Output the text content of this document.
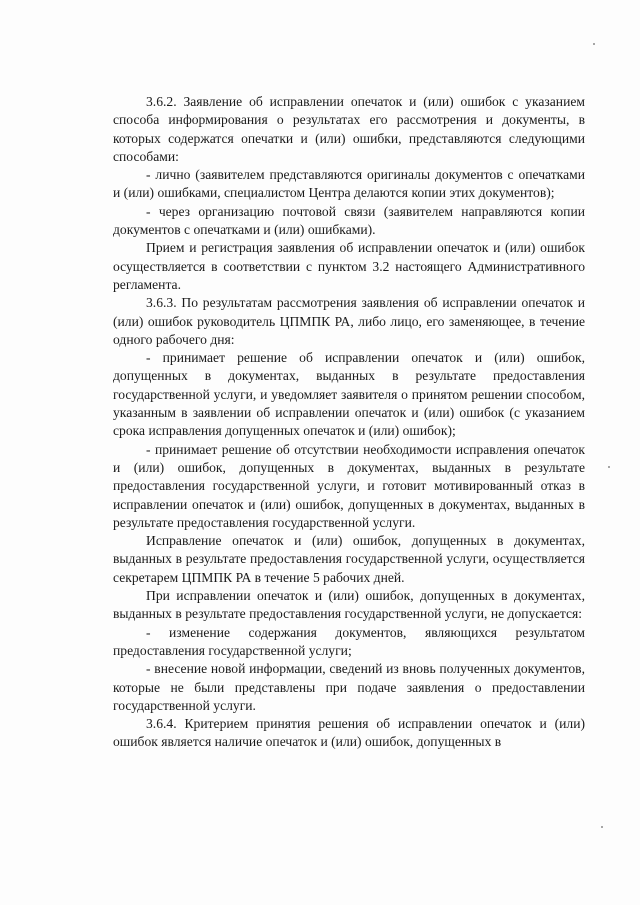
3.6.2. Заявление об исправлении опечаток и (или) ошибок с указанием способа информирования о результатах его рассмотрения и документы, в которых содержатся опечатки и (или) ошибки, представляются следующими способами:

- лично (заявителем представляются оригиналы документов с опечатками и (или) ошибками, специалистом Центра делаются копии этих документов);

- через организацию почтовой связи (заявителем направляются копии документов с опечатками и (или) ошибками).

Прием и регистрация заявления об исправлении опечаток и (или) ошибок осуществляется в соответствии с пунктом 3.2 настоящего Административного регламента.

3.6.3. По результатам рассмотрения заявления об исправлении опечаток и (или) ошибок руководитель ЦПМПК РА, либо лицо, его заменяющее, в течение одного рабочего дня:

- принимает решение об исправлении опечаток и (или) ошибок, допущенных в документах, выданных в результате предоставления государственной услуги, и уведомляет заявителя о принятом решении способом, указанным в заявлении об исправлении опечаток и (или) ошибок (с указанием срока исправления допущенных опечаток и (или) ошибок);

- принимает решение об отсутствии необходимости исправления опечаток и (или) ошибок, допущенных в документах, выданных в результате предоставления государственной услуги, и готовит мотивированный отказ в исправлении опечаток и (или) ошибок, допущенных в документах, выданных в результате предоставления государственной услуги.

Исправление опечаток и (или) ошибок, допущенных в документах, выданных в результате предоставления государственной услуги, осуществляется секретарем ЦПМПК РА в течение 5 рабочих дней.

При исправлении опечаток и (или) ошибок, допущенных в документах, выданных в результате предоставления государственной услуги, не допускается:

- изменение содержания документов, являющихся результатом предоставления государственной услуги;

- внесение новой информации, сведений из вновь полученных документов, которые не были представлены при подаче заявления о предоставлении государственной услуги.

3.6.4. Критерием принятия решения об исправлении опечаток и (или) ошибок является наличие опечаток и (или) ошибок, допущенных в
